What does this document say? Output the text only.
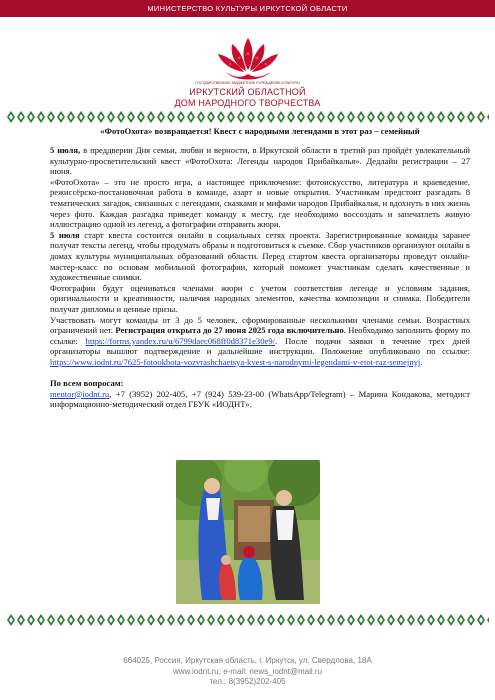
МИНИСТЕРСТВО КУЛЬТУРЫ ИРКУТСКОЙ ОБЛАСТИ
ГОСУДАРСТВЕННОЕ БЮДЖЕТНОЕ УЧРЕЖДЕНИЕ КУЛЬТУРЫ
ИРКУТСКИЙ ОБЛАСТНОЙ
ДОМ НАРОДНОГО ТВОРЧЕСТВА
«ФотоОхота» возвращается! Квест с народными легендами в этот раз – семейный

5 июля, в преддверии Дня семьи, любви и верности, в Иркутской области в третий раз пройдёт увлекательный культурно-просветительский квест «ФотоОхота: Легенды народов Прибайкалья». Дедлайн регистрации – 27 июня.

«ФотоОхота» – это не просто игра, а настоящее приключение: фотоискусство, литература и краеведение, режиссёрско-постановочная работа в команде, азарт и новые открытия. Участникам предстоит разгадать 8 тематических загадок, связанных с легендами, сказками и мифами народов Прибайкалья, и вдохнуть в них жизнь через фото. Каждая разгадка приведет команду к месту, где необходимо воссоздать и запечатлеть живую иллюстрацию одной из легенд, а фотографии отправить жюри.

5 июля старт квеста состоится онлайн в социальных сетях проекта. Зарегистрированные команды заранее получат тексты легенд, чтобы продумать образы и подготовиться к съемке. Сбор участников организуют онлайн в домах культуры муниципальных образований области. Перед стартом квеста организаторы проведут онлайн-мастер-класс по основам мобильной фотографии, который поможет участникам сделать качественные и художественные снимки.

Фотографии будут оцениваться членами жюри с учетом соответствия легенде и условиям задания, оригинальности и креативности, наличия народных элементов, качества композиции и снимка. Победители получат дипломы и ценные призы.

Участвовать могут команды от 3 до 5 человек, сформированные несколькими членами семьи. Возрастных ограничений нет. Регистрация открыта до 27 июня 2025 года включительно. Необходимо заполнить форму по ссылке: https://forms.yandex.ru/u/6799daec068ff0d8371e30e9/. После подачи заявки в течение трех дней организаторы вышлют подтверждение и дальнейшие инструкции. Положение опубликовано по ссылке: https://www.iodnt.ru/7625-fotookhota-vozvrashchaetsya-kvest-s-narodnymi-legendami-v-etot-raz-semejnyj.

По всем вопросам:

mentor@iodnt.ru, +7 (3952) 202-405, +7 (924) 539-23-00 (WhatsApp/Telegram) – Марина Кондакова, методист информационно-методический отдел ГБУК «ИОДНТ».

664025, Россия, Иркутская область, г. Иркутск, ул. Свердлова, 18А
www.iodnt.ru; e-mail: news_iodnt@mail.ru
тел.: 8(3952)202-405
